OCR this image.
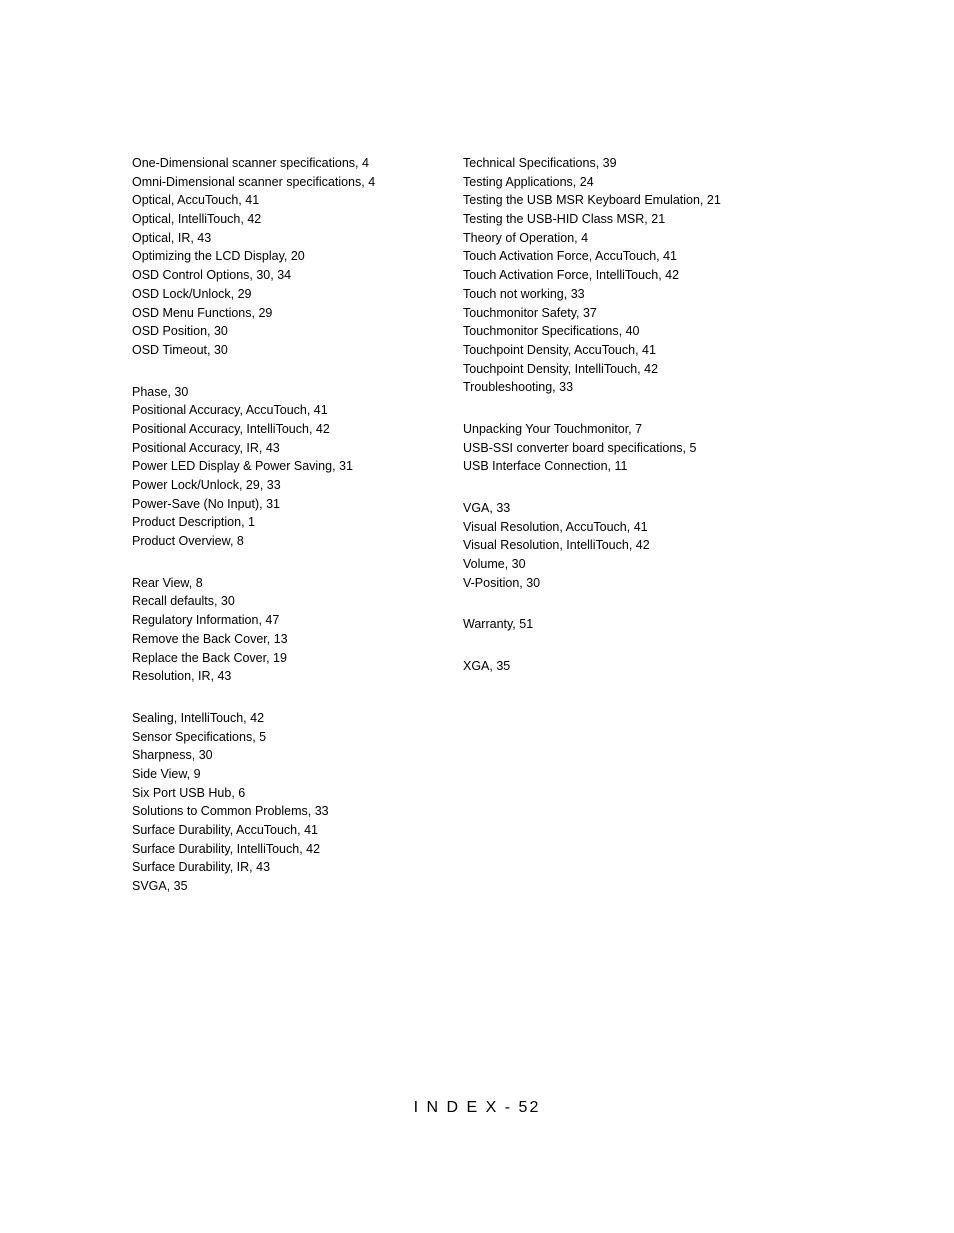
One-Dimensional scanner specifications, 4
Omni-Dimensional scanner specifications, 4
Optical, AccuTouch, 41
Optical, IntelliTouch, 42
Optical, IR, 43
Optimizing the LCD Display, 20
OSD Control Options, 30, 34
OSD Lock/Unlock, 29
OSD Menu Functions, 29
OSD Position, 30
OSD Timeout, 30
Phase, 30
Positional Accuracy, AccuTouch, 41
Positional Accuracy, IntelliTouch, 42
Positional Accuracy, IR, 43
Power LED Display & Power Saving, 31
Power Lock/Unlock, 29, 33
Power-Save (No Input), 31
Product Description, 1
Product Overview, 8
Rear View, 8
Recall defaults, 30
Regulatory Information, 47
Remove the Back Cover, 13
Replace the Back Cover, 19
Resolution, IR, 43
Sealing, IntelliTouch, 42
Sensor Specifications, 5
Sharpness, 30
Side View, 9
Six Port USB Hub, 6
Solutions to Common Problems, 33
Surface Durability, AccuTouch, 41
Surface Durability, IntelliTouch, 42
Surface Durability, IR, 43
SVGA, 35
Technical Specifications, 39
Testing Applications, 24
Testing the USB MSR Keyboard Emulation, 21
Testing the USB-HID Class MSR, 21
Theory of Operation, 4
Touch Activation Force, AccuTouch, 41
Touch Activation Force, IntelliTouch, 42
Touch not working, 33
Touchmonitor Safety, 37
Touchmonitor Specifications, 40
Touchpoint Density, AccuTouch, 41
Touchpoint Density, IntelliTouch, 42
Troubleshooting, 33
Unpacking Your Touchmonitor, 7
USB-SSI converter board specifications, 5
USB Interface Connection, 11
VGA, 33
Visual Resolution, AccuTouch, 41
Visual Resolution, IntelliTouch, 42
Volume, 30
V-Position, 30
Warranty, 51
XGA, 35
I N D E X - 52
